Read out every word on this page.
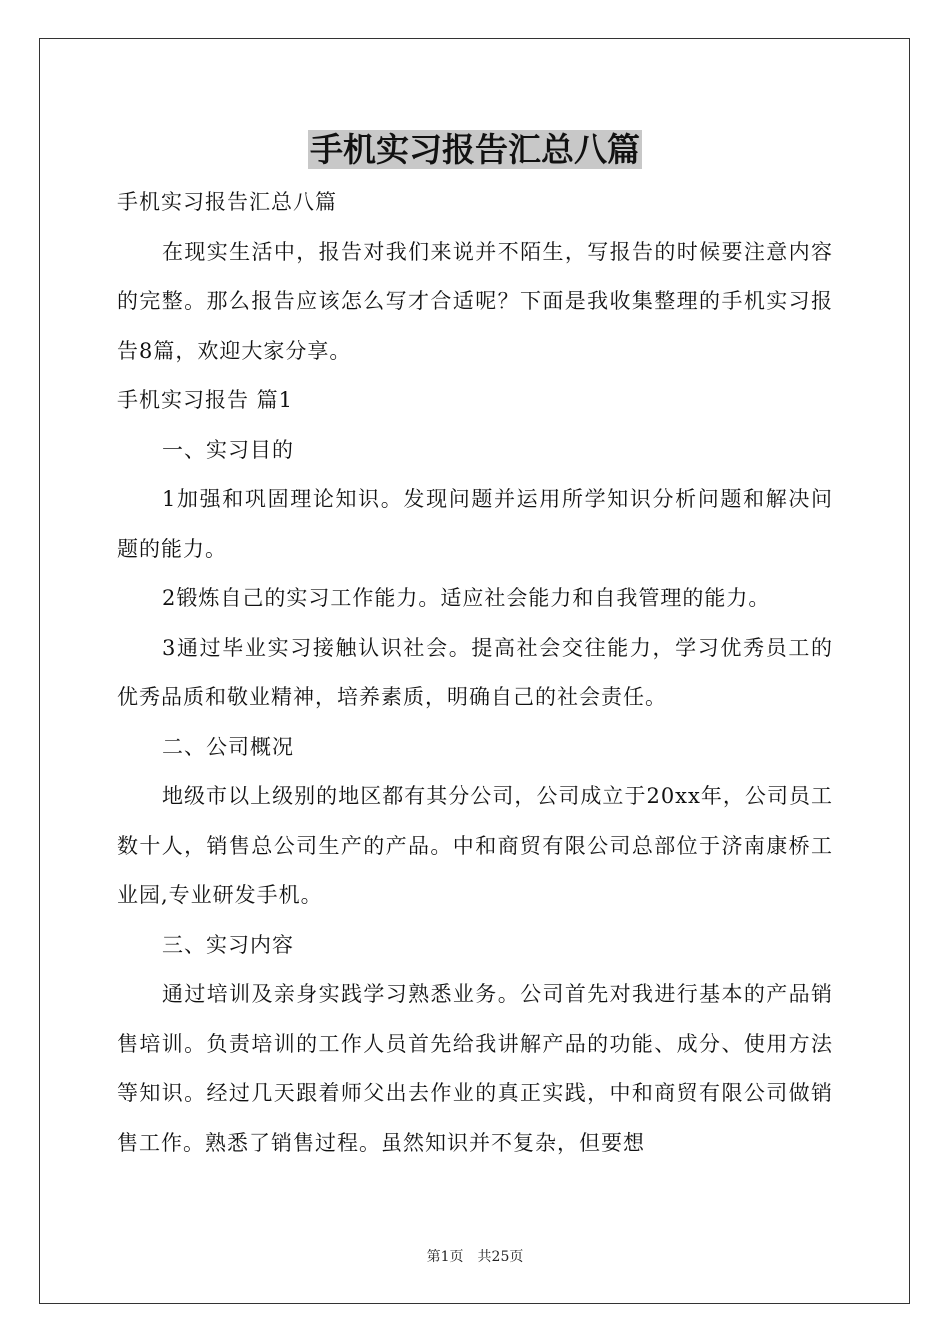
手机实习报告汇总八篇

手机实习报告汇总八篇

在现实生活中，报告对我们来说并不陌生，写报告的时候要注意内容的完整。那么报告应该怎么写才合适呢？下面是我收集整理的手机实习报告8篇，欢迎大家分享。

手机实习报告 篇1

一、实习目的

1加强和巩固理论知识。发现问题并运用所学知识分析问题和解决问题的能力。

2锻炼自己的实习工作能力。适应社会能力和自我管理的能力。

3通过毕业实习接触认识社会。提高社会交往能力，学习优秀员工的优秀品质和敬业精神，培养素质，明确自己的社会责任。

二、公司概况

地级市以上级别的地区都有其分公司，公司成立于20xx年，公司员工数十人，销售总公司生产的产品。中和商贸有限公司总部位于济南康桥工业园,专业研发手机。

三、实习内容

通过培训及亲身实践学习熟悉业务。公司首先对我进行基本的产品销售培训。负责培训的工作人员首先给我讲解产品的功能、成分、使用方法等知识。经过几天跟着师父出去作业的真正实践，中和商贸有限公司做销售工作。熟悉了销售过程。虽然知识并不复杂，但要想

第1页　共25页
